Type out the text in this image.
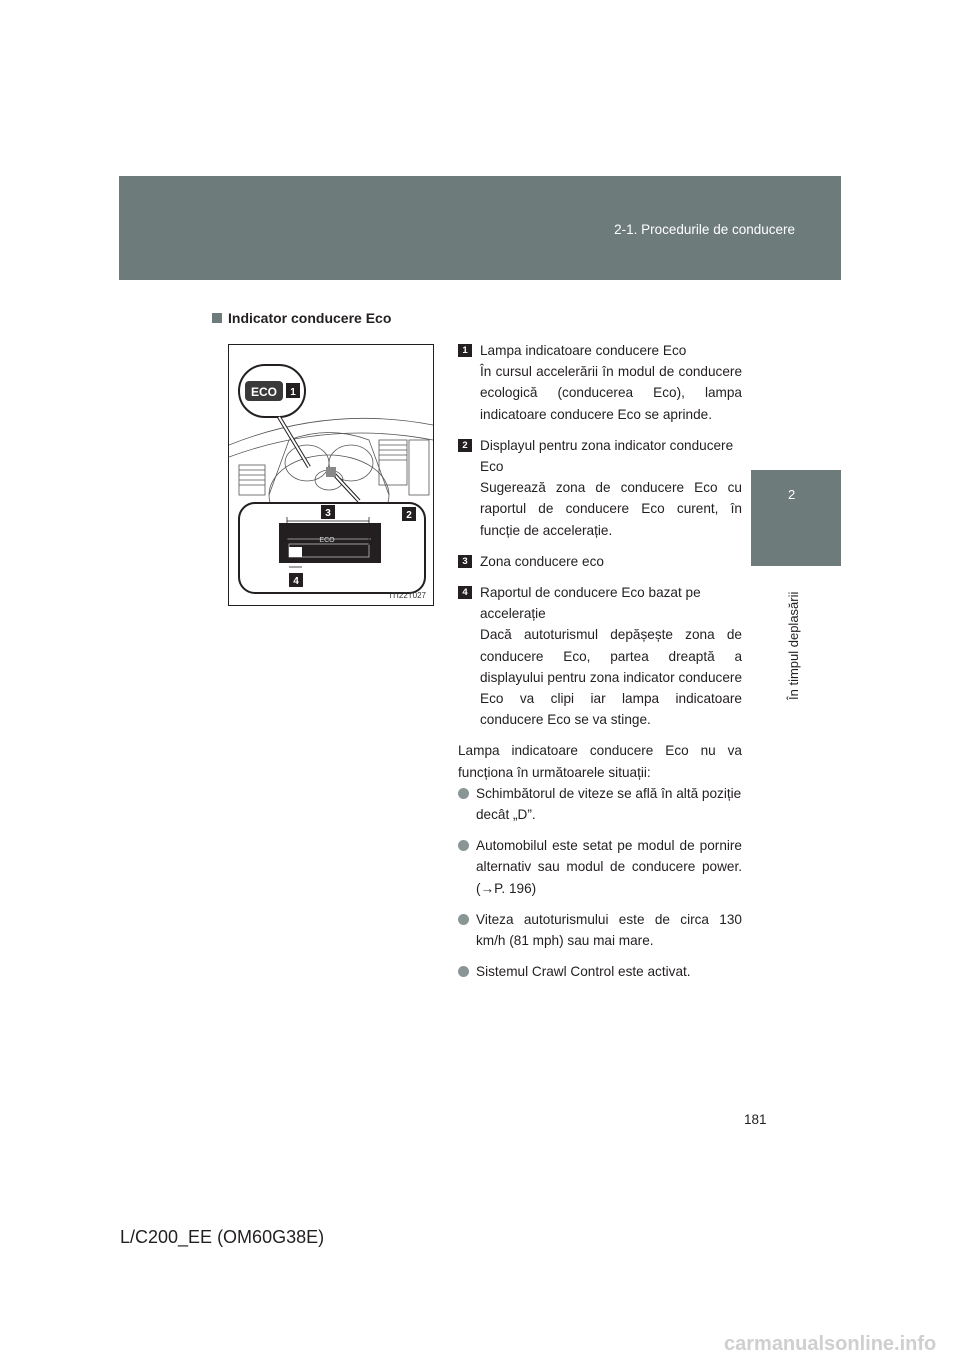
2-1. Procedurile de conducere
2
În timpul deplasării
Indicator conducere Eco
ECO 1
ECO
3	2
4
ITI22T027
1 Lampa indicatoare conducere Eco

În cursul accelerării în modul de conducere ecologică (conducerea Eco), lampa indicatoare conducere Eco se aprinde.

2 Displayul pentru zona indicator conducere Eco

Sugerează zona de conducere Eco cu raportul de conducere Eco curent, în funcție de accelerație.

3 Zona conducere eco

4 Raportul de conducere Eco bazat pe accelerație

Dacă autoturismul depășește zona de conducere Eco, partea dreaptă a displayului pentru zona indicator conducere Eco va clipi iar lampa indicatoare conducere Eco se va stinge.

Lampa indicatoare conducere Eco nu va funcționa în următoarele situații:

Schimbătorul de viteze se află în altă poziție decât „D”.

Automobilul este setat pe modul de pornire alternativ sau modul de conducere power. (→P. 196)

Viteza autoturismului este de circa 130 km/h (81 mph) sau mai mare.

Sistemul Crawl Control este activat.

181
L/C200_EE (OM60G38E)
carmanualsonline.info
